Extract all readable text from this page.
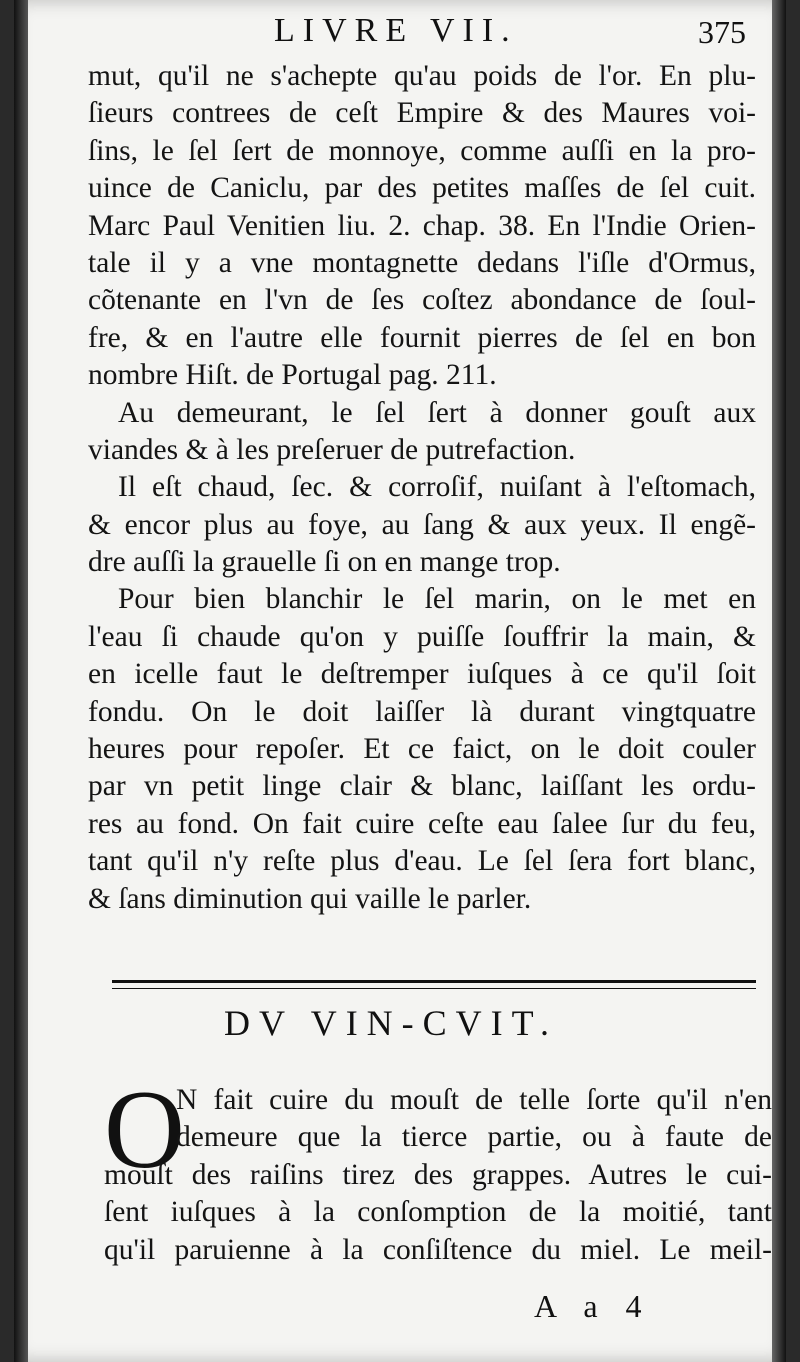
LIVRE VII.	375
mut, qu'il ne s'achepte qu'au poids de l'or. En plu-
ſieurs contrees de ceſt Empire & des Maures voi-
ſins, le ſel ſert de monnoye, comme auſſi en la pro-
uince de Caniclu, par des petites maſſes de ſel cuit.
Marc Paul Venitien liu. 2. chap. 38. En l'Indie Orien-
tale il y a vne montagnette dedans l'iſle d'Ormus,
cõtenante en l'vn de ſes coſtez abondance de ſoul-
fre, & en l'autre elle fournit pierres de ſel en bon
nombre Hiſt. de Portugal pag. 211.
Au demeurant, le ſel ſert à donner gouſt aux
viandes & à les preſeruer de putrefaction.
Il eſt chaud, ſec. & corroſif, nuiſant à l'eſtomach,
& encor plus au foye, au ſang & aux yeux. Il engẽ-
dre auſſi la grauelle ſi on en mange trop.
Pour bien blanchir le ſel marin, on le met en
l'eau ſi chaude qu'on y puiſſe ſouffrir la main, &
en icelle faut le deſtremper iuſques à ce qu'il ſoit
fondu. On le doit laiſſer là durant vingtquatre
heures pour repoſer. Et ce faict, on le doit couler
par vn petit linge clair & blanc, laiſſant les ordu-
res au fond. On fait cuire ceſte eau ſalee ſur du feu,
tant qu'il n'y reſte plus d'eau. Le ſel ſera fort blanc,
& ſans diminution qui vaille le parler.
DV VIN-CVIT.
O
N fait cuire du mouſt de telle ſorte qu'il n'en
demeure que la tierce partie, ou à faute de
mouſt des raiſins tirez des grappes. Autres le cui-
ſent iuſques à la conſomption de la moitié, tant
qu'il paruienne à la conſiſtence du miel. Le meil-
A a 4
